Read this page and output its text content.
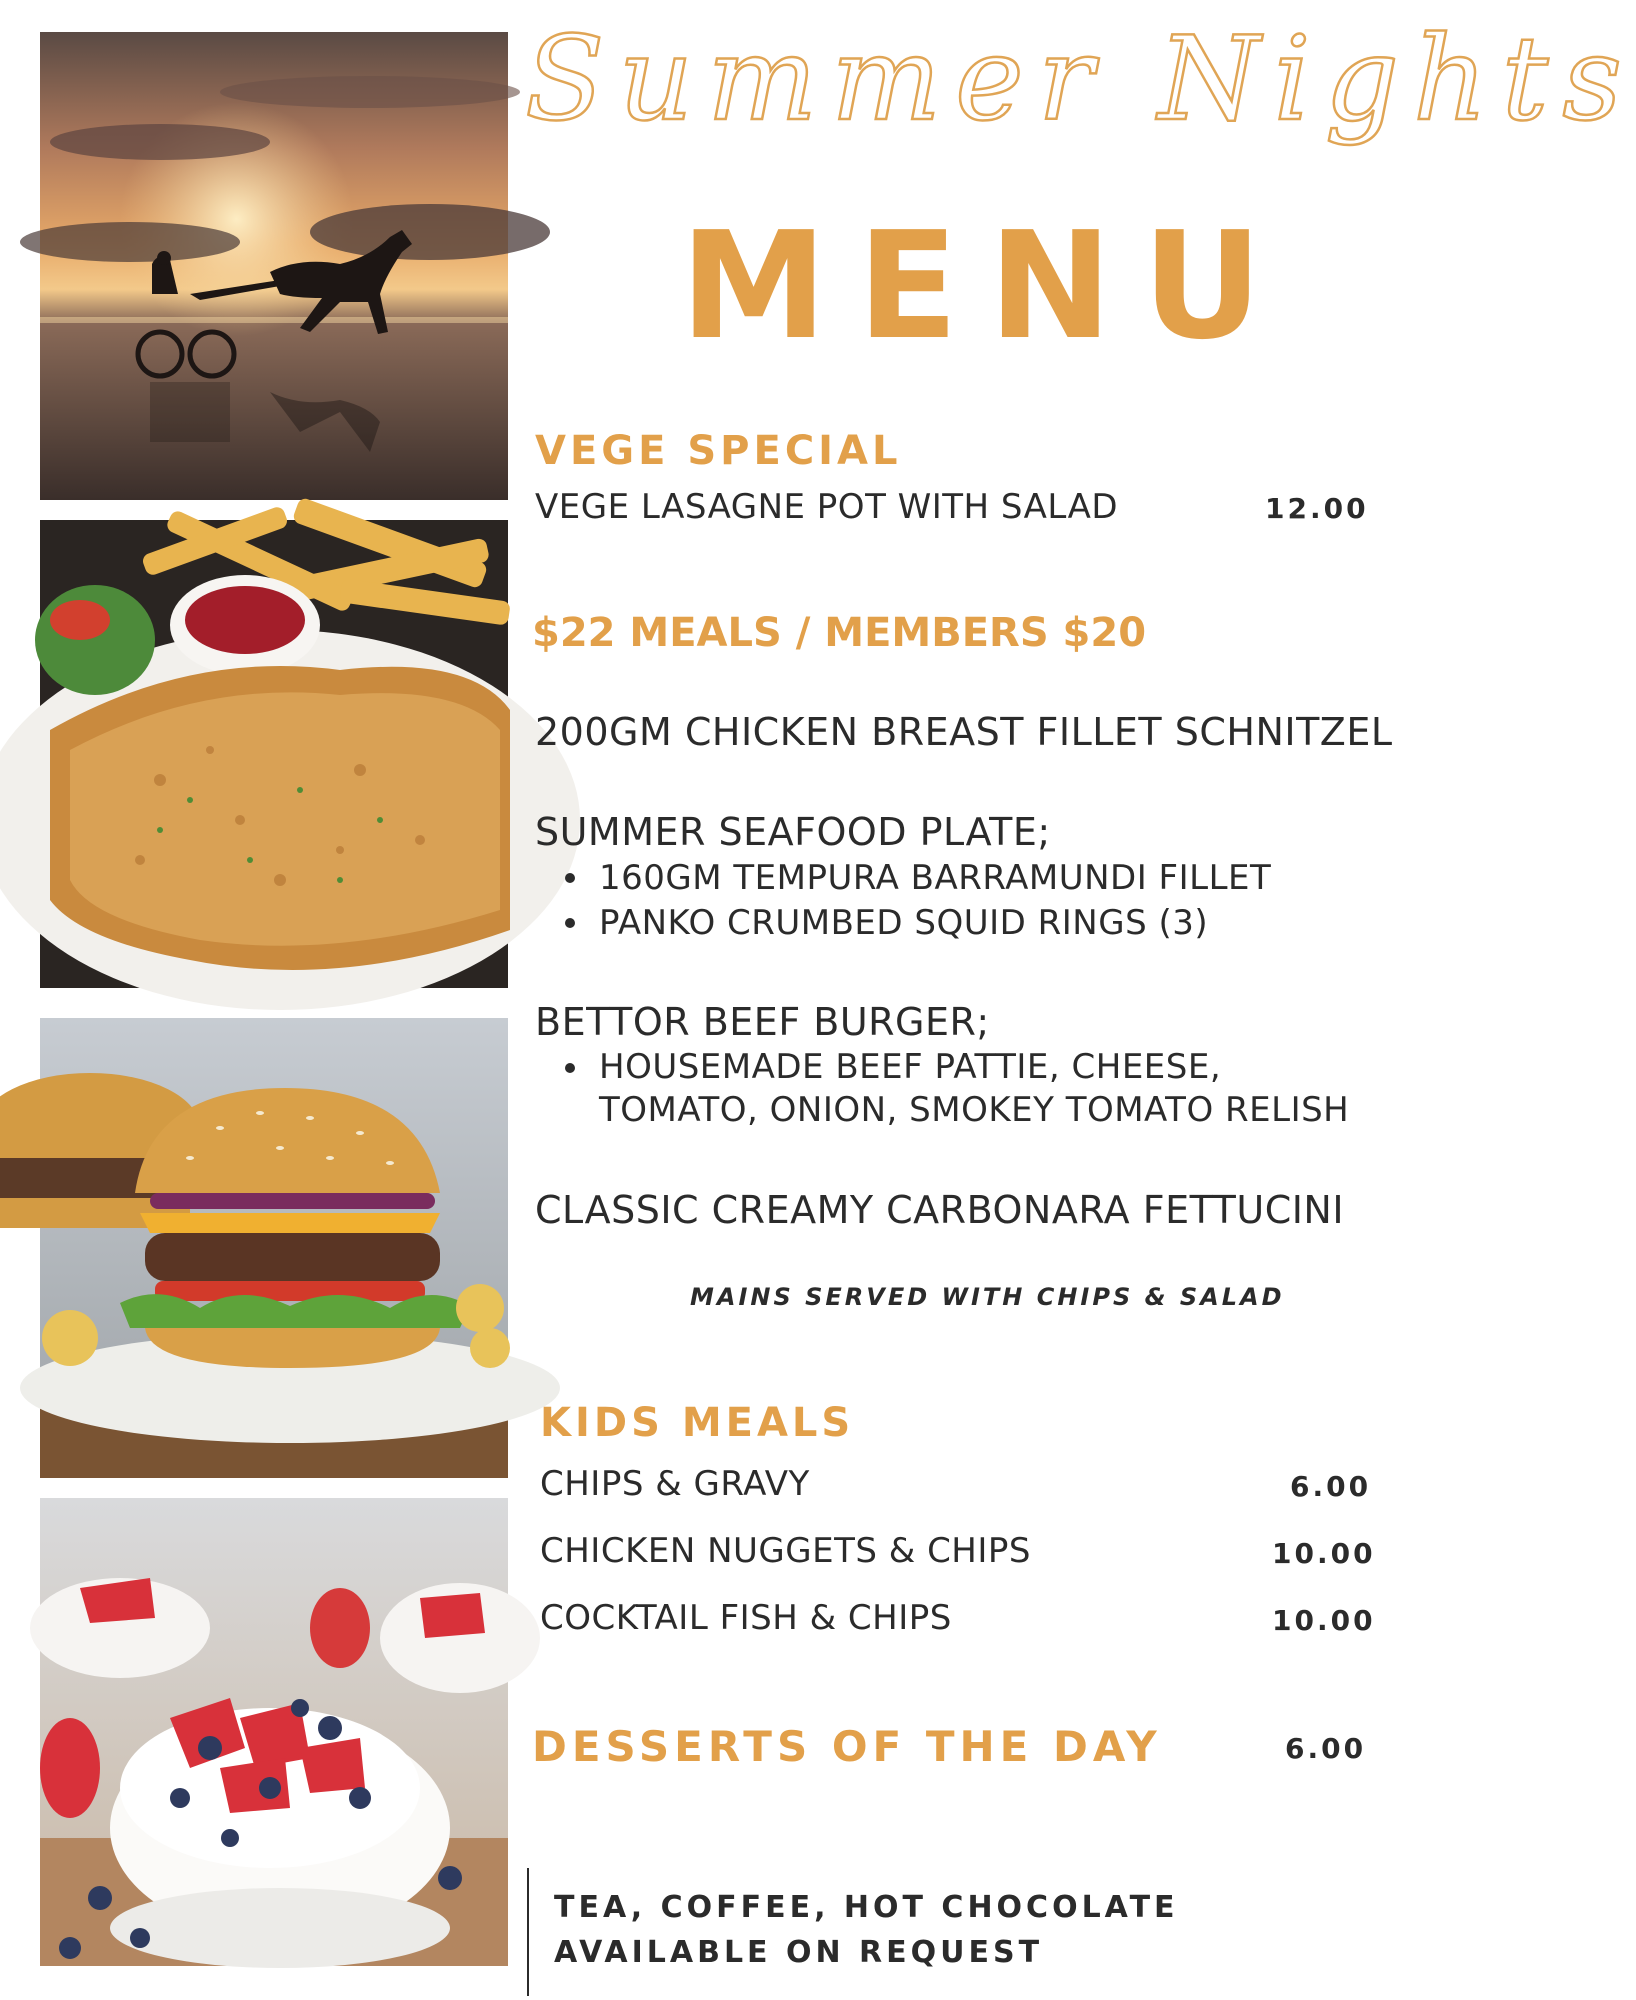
Summer Nights
MENU
VEGE SPECIAL
VEGE LASAGNE POT WITH SALAD	12.00
$22 MEALS / MEMBERS $20
200GM CHICKEN BREAST FILLET SCHNITZEL
SUMMER SEAFOOD PLATE;
160GM TEMPURA BARRAMUNDI FILLET
PANKO CRUMBED SQUID RINGS (3)
BETTOR BEEF BURGER;
HOUSEMADE BEEF PATTIE, CHEESE,
TOMATO, ONION, SMOKEY TOMATO RELISH
CLASSIC CREAMY CARBONARA FETTUCINI
MAINS SERVED WITH CHIPS & SALAD
KIDS MEALS
CHIPS & GRAVY	6.00
CHICKEN NUGGETS & CHIPS	10.00
COCKTAIL FISH & CHIPS	10.00
DESSERTS OF THE DAY	6.00
TEA, COFFEE, HOT CHOCOLATE
AVAILABLE ON REQUEST
